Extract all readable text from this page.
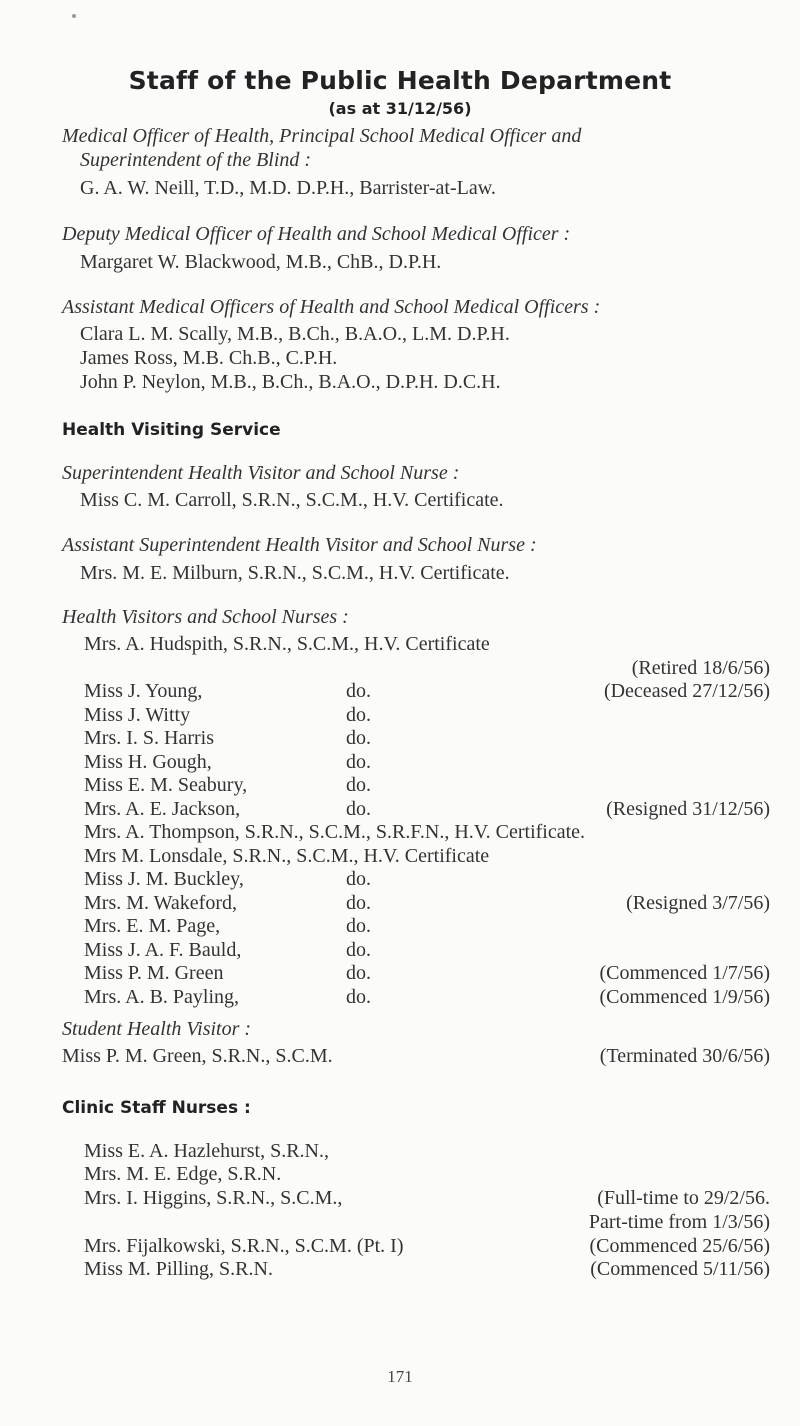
Staff of the Public Health Department
(as at 31/12/56)
Medical Officer of Health, Principal School Medical Officer and
Superintendent of the Blind :
G. A. W. Neill, T.D., M.D. D.P.H., Barrister-at-Law.
Deputy Medical Officer of Health and School Medical Officer :
Margaret W. Blackwood, M.B., ChB., D.P.H.
Assistant Medical Officers of Health and School Medical Officers :
Clara L. M. Scally, M.B., B.Ch., B.A.O., L.M. D.P.H.
James Ross, M.B. Ch.B., C.P.H.
John P. Neylon, M.B., B.Ch., B.A.O., D.P.H. D.C.H.
Health Visiting Service
Superintendent Health Visitor and School Nurse :
Miss C. M. Carroll, S.R.N., S.C.M., H.V. Certificate.
Assistant Superintendent Health Visitor and School Nurse :
Mrs. M. E. Milburn, S.R.N., S.C.M., H.V. Certificate.
Health Visitors and School Nurses :
Mrs. A. Hudspith, S.R.N., S.C.M., H.V. Certificate
(Retired 18/6/56)
Miss J. Young,	do.	(Deceased 27/12/56)
Miss J. Witty	do.
Mrs. I. S. Harris	do.
Miss H. Gough,	do.
Miss E. M. Seabury,	do.
Mrs. A. E. Jackson,	do.	(Resigned 31/12/56)
Mrs. A. Thompson, S.R.N., S.C.M., S.R.F.N., H.V. Certificate.
Mrs M. Lonsdale, S.R.N., S.C.M., H.V. Certificate
Miss J. M. Buckley,	do.
Mrs. M. Wakeford,	do.	(Resigned 3/7/56)
Mrs. E. M. Page,	do.
Miss J. A. F. Bauld,	do.
Miss P. M. Green	do.	(Commenced 1/7/56)
Mrs. A. B. Payling,	do.	(Commenced 1/9/56)
Student Health Visitor :
Miss P. M. Green, S.R.N., S.C.M.	(Terminated 30/6/56)
Clinic Staff Nurses :
Miss E. A. Hazlehurst, S.R.N.,
Mrs. M. E. Edge, S.R.N.
Mrs. I. Higgins, S.R.N., S.C.M.,	(Full-time to 29/2/56.
Part-time from 1/3/56)
Mrs. Fijalkowski, S.R.N., S.C.M. (Pt. I)	(Commenced 25/6/56)
Miss M. Pilling, S.R.N.	(Commenced 5/11/56)
171
